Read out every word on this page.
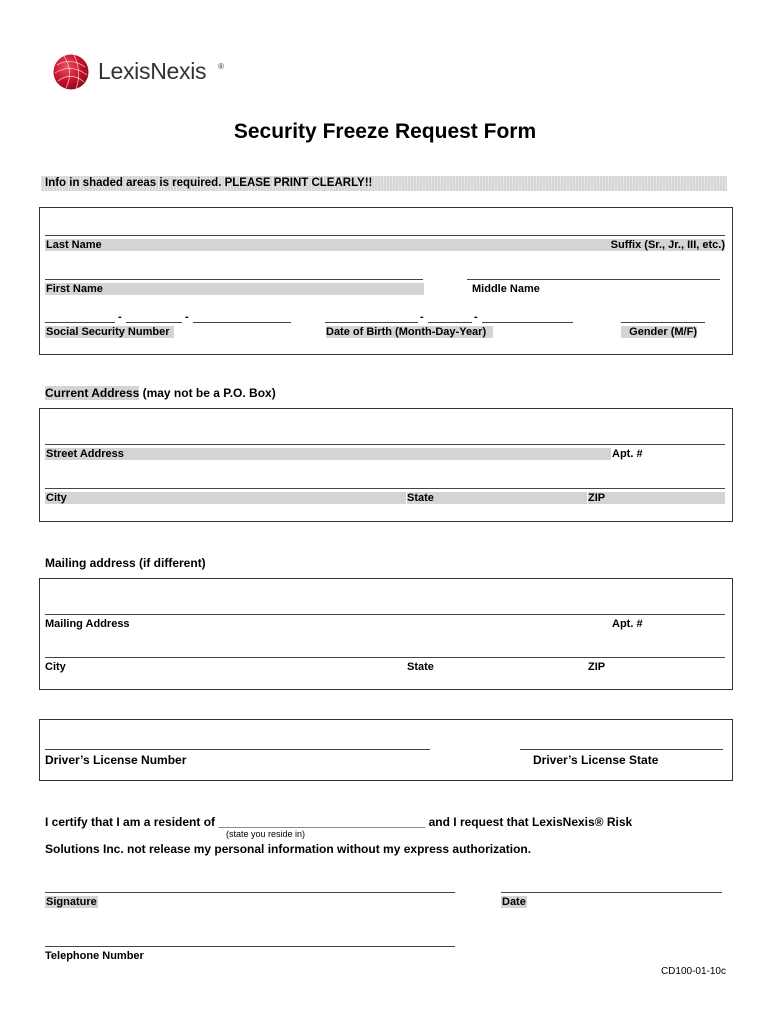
LexisNexis ®
Security Freeze Request Form
Info in shaded areas is required. PLEASE PRINT CLEARLY!!
Last Name	Suffix (Sr., Jr., III, etc.)
First Name	Middle Name
-	-	-	-
Social Security Number	Date of Birth (Month-Day-Year)	Gender (M/F)
Current Address (may not be a P.O. Box)
Street Address	Apt. #
City	State	ZIP
Mailing address (if different)
Mailing Address	Apt. #
City	State	ZIP
Driver’s License Number	Driver’s License State
I certify that I am a resident of _______________________________ and I request that LexisNexis® Risk
(state you reside in)
Solutions Inc. not release my personal information without my express authorization.
Signature	Date
Telephone Number
CD100-01-10c
